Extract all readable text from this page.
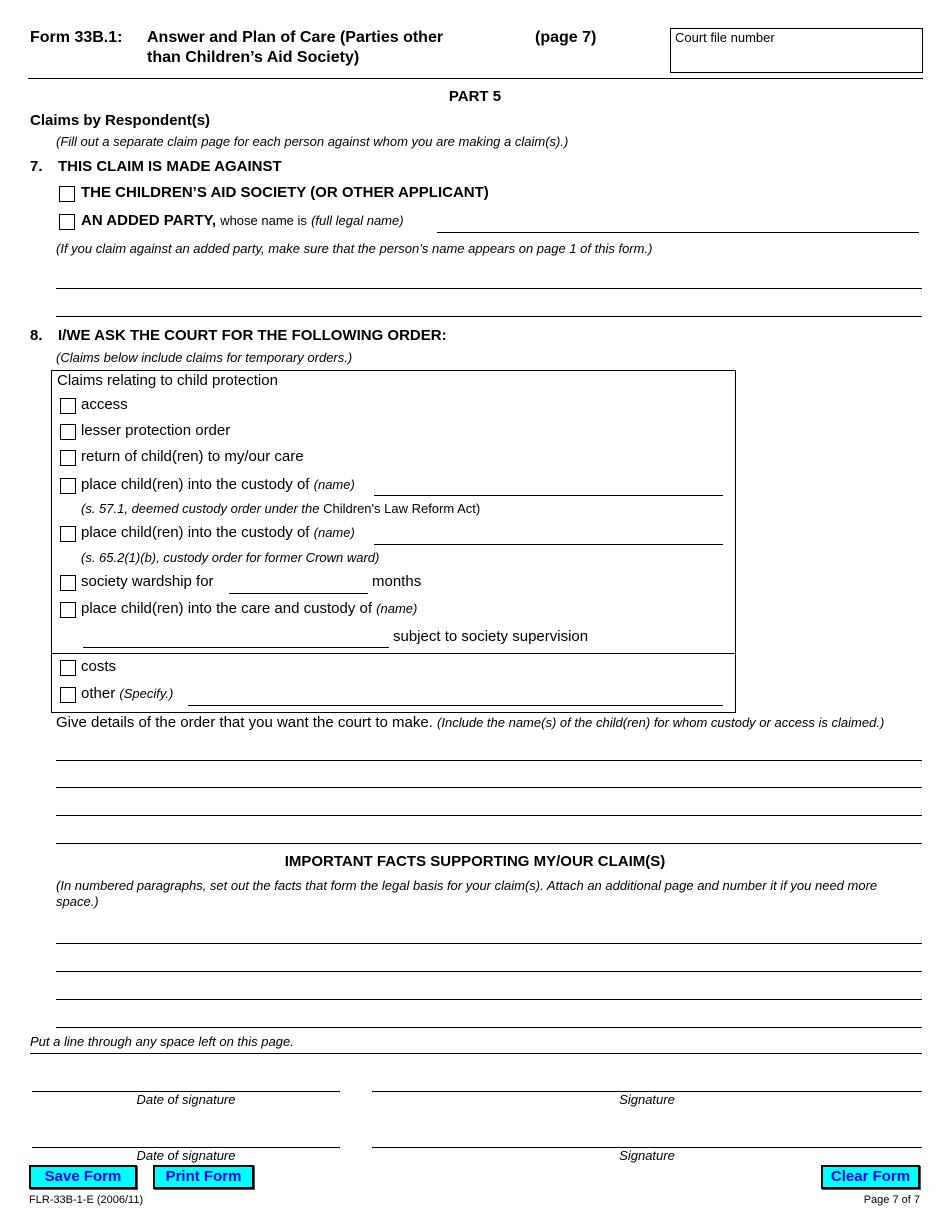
Form 33B.1: Answer and Plan of Care (Parties other
than Children’s Aid Society)
(page 7)	Court file number
PART 5
Claims by Respondent(s)
(Fill out a separate claim page for each person against whom you are making a claim(s).)
7. THIS CLAIM IS MADE AGAINST
THE CHILDREN’S AID SOCIETY (OR OTHER APPLICANT)
AN ADDED PARTY, whose name is (full legal name)
(If you claim against an added party, make sure that the person’s name appears on page 1 of this form.)
8. I/WE ASK THE COURT FOR THE FOLLOWING ORDER:
(Claims below include claims for temporary orders.)
Claims relating to child protection
access
lesser protection order
return of child(ren) to my/our care
place child(ren) into the custody of (name)
(s. 57.1, deemed custody order under the Children's Law Reform Act)
place child(ren) into the custody of (name)
(s. 65.2(1)(b), custody order for former Crown ward)
society wardship for	months
place child(ren) into the care and custody of (name)
subject to society supervision
costs
other (Specify.)
Give details of the order that you want the court to make. (Include the name(s) of the child(ren) for whom custody or access is claimed.)
IMPORTANT FACTS SUPPORTING MY/OUR CLAIM(S)
(In numbered paragraphs, set out the facts that form the legal basis for your claim(s). Attach an additional page and number it if you need more space.)
Put a line through any space left on this page.
Date of signature	Signature
Date of signature	Signature
Save Form	Print Form	Clear Form
FLR-33B-1-E (2006/11)	Page 7 of 7
